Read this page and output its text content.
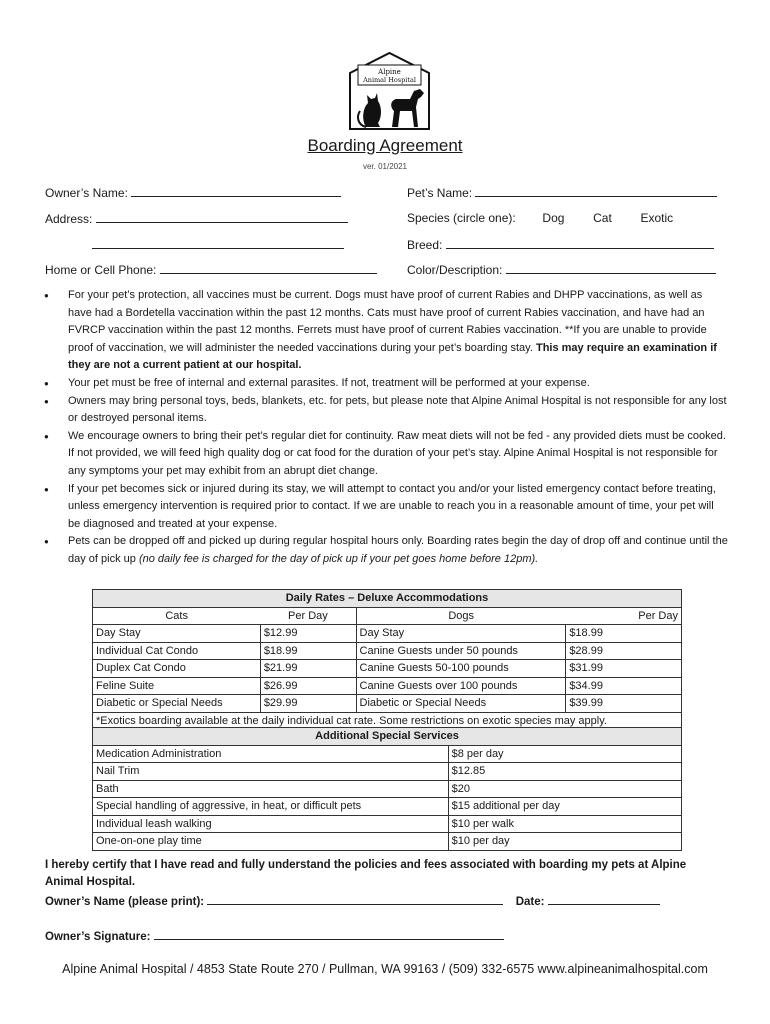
Alpine
Animal Hospital
Boarding Agreement
ver. 01/2021
Owner’s Name:
Address:
Home or Cell Phone:
Pet’s Name:
Species (circle one): Dog Cat Exotic
Breed:
Color/Description:
● For your pet’s protection, all vaccines must be current. Dogs must have proof of current Rabies and DHPP vaccinations, as well as have had a Bordetella vaccination within the past 12 months. Cats must have proof of current Rabies vaccination, and have had an FVRCP vaccination within the past 12 months. Ferrets must have proof of current Rabies vaccination. **If you are unable to provide proof of vaccination, we will administer the needed vaccinations during your pet’s boarding stay. This may require an examination if they are not a current patient at our hospital.
● Your pet must be free of internal and external parasites. If not, treatment will be performed at your expense.
● Owners may bring personal toys, beds, blankets, etc. for pets, but please note that Alpine Animal Hospital is not responsible for any lost or destroyed personal items.
● We encourage owners to bring their pet’s regular diet for continuity. Raw meat diets will not be fed - any provided diets must be cooked. If not provided, we will feed high quality dog or cat food for the duration of your pet’s stay. Alpine Animal Hospital is not responsible for any symptoms your pet may exhibit from an abrupt diet change.
● If your pet becomes sick or injured during its stay, we will attempt to contact you and/or your listed emergency contact before treating, unless emergency intervention is required prior to contact. If we are unable to reach you in a reasonable amount of time, your pet will be diagnosed and treated at your expense.
● Pets can be dropped off and picked up during regular hospital hours only. Boarding rates begin the day of drop off and continue until the day of pick up (no daily fee is charged for the day of pick up if your pet goes home before 12pm).
Daily Rates – Deluxe Accommodations			
Cats	Per Day	Dogs	Per Day
Day Stay	$12.99	Day Stay	$18.99
Individual Cat Condo	$18.99	Canine Guests under 50 pounds	$28.99
Duplex Cat Condo	$21.99	Canine Guests 50-100 pounds	$31.99
Feline Suite	$26.99	Canine Guests over 100 pounds	$34.99
Diabetic or Special Needs	$29.99	Diabetic or Special Needs	$39.99
*Exotics boarding available at the daily individual cat rate. Some restrictions on exotic species may apply.			
Additional Special Services	
Medication Administration	$8 per day
Nail Trim	$12.85
Bath	$20
Special handling of aggressive, in heat, or difficult pets	$15 additional per day
Individual leash walking	$10 per walk
One-on-one play time	$10 per day
I hereby certify that I have read and fully understand the policies and fees associated with boarding my pets at Alpine Animal Hospital.
Owner’s Name (please print):	Date:
Owner’s Signature:
Alpine Animal Hospital / 4853 State Route 270 / Pullman, WA 99163 / (509) 332-6575 www.alpineanimalhospital.com
